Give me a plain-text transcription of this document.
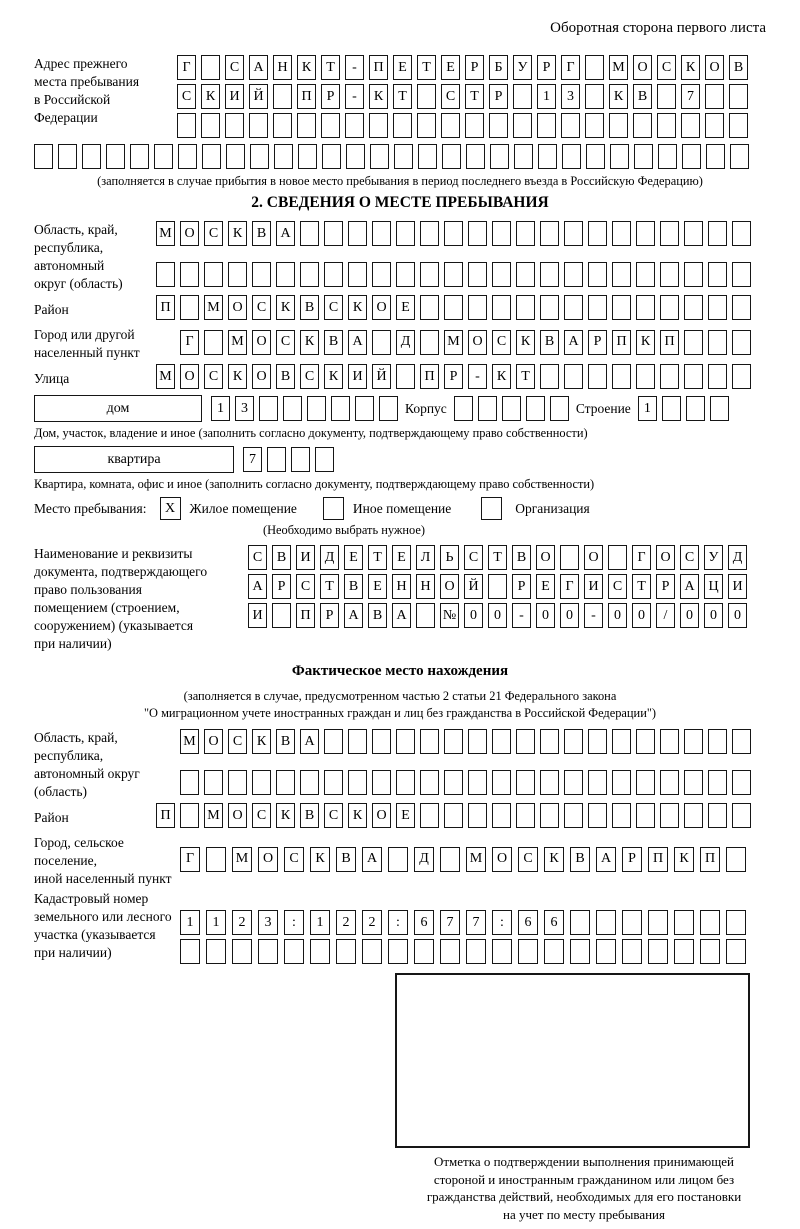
Оборотная сторона первого листа
Адрес прежнего
места пребывания
в Российской
Федерации
Г	С	А Н	К	Т	-	П	Е	Т	Е	Р	Б	У	Р	Г	М О	С	К	О	В
С	К	И Й	П	Р	-	К	Т	С	Т	Р	1	3	К	В	7
(заполняется в случае прибытия в новое место пребывания в период последнего въезда в Российскую Федерацию)
2. СВЕДЕНИЯ О МЕСТЕ ПРЕБЫВАНИЯ
Область, край,
республика,
автономный
округ (область)
М О	С	К	В	А
Район	П	М О	С	К	В	С	К	О	Е
Город или другой
населенный пункт
Г	М О	С	К	В	А	Д	М О	С	К	В	А	Р	П	К	П
Улица	М О	С	К	О	В	С	К	И Й	П	Р	-	К	Т
дом	1	3	Корпус	Строение 1
Дом, участок, владение и иное (заполнить согласно документу, подтверждающему право собственности)
квартира	7
Квартира, комната, офис и иное (заполнить согласно документу, подтверждающему право собственности)
Место пребывания:	X	Жилое помещение	Иное помещение	Организация
(Необходимо выбрать нужное)
Наименование и реквизиты
документа, подтверждающего
право пользования
помещением (строением,
сооружением) (указывается
при наличии)
С	В	И	Д	Е	Т	Е	Л	Ь	С	Т	В	О	О	Г	О	С	У	Д
А	Р	С	Т	В	Е	Н Н О Й	Р	Е	Г	И	С	Т	Р	А Ц И
И	П	Р	А	В	А	№ 0	0	-	0	0	-	0	0	/	0	0	0
Фактическое место нахождения
(заполняется в случае, предусмотренном частью 2 статьи 21 Федерального закона
"О миграционном учете иностранных граждан и лиц без гражданства в Российской Федерации")
Область, край,
республика,
автономный округ
(область)
М О	С	К	В	А
Район	П	М О	С	К	В	С	К	О	Е
Город, сельское поселение,
иной населенный пункт
Г	М	О	С	К	В	А	Д	М	О	С	К	В	А	Р	П	К	П
Кадастровый номер
земельного или лесного
участка (указывается
при наличии)
1	1	2	3	:	1	2	2	:	6	7	7	:	6	6
Отметка о подтверждении выполнения принимающей
стороной и иностранным гражданином или лицом без
гражданства действий, необходимых для его постановки
на учет по месту пребывания
